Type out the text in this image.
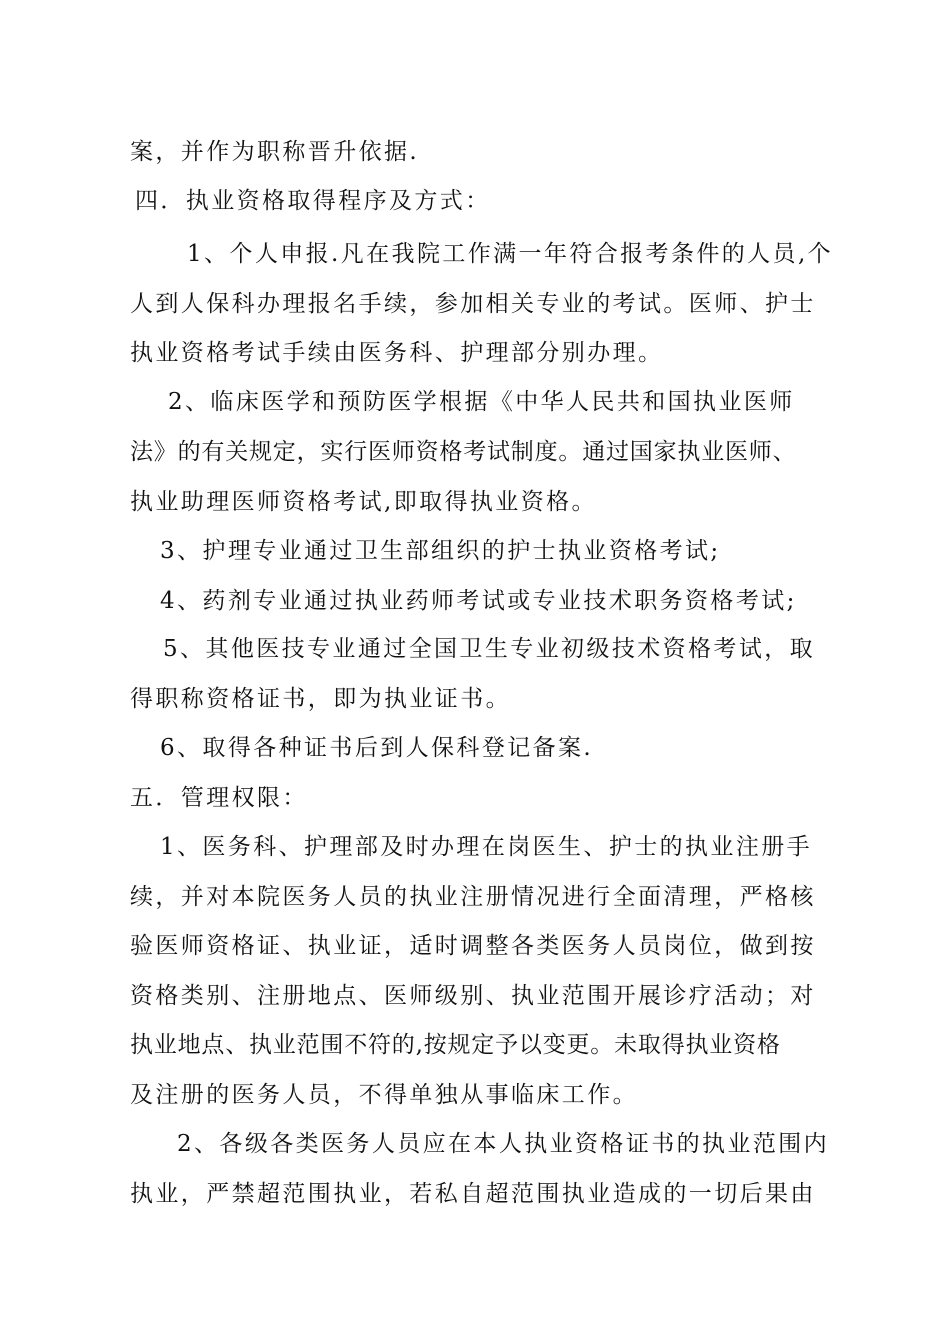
案，并作为职称晋升依据.

四．执业资格取得程序及方式：

1、个人申报.凡在我院工作满一年符合报考条件的人员,个

人到人保科办理报名手续，参加相关专业的考试。医师、护士

执业资格考试手续由医务科、护理部分别办理。

2、临床医学和预防医学根据《中华人民共和国执业医师

法》的有关规定，实行医师资格考试制度。通过国家执业医师、

执业助理医师资格考试,即取得执业资格。

3、护理专业通过卫生部组织的护士执业资格考试;

4、药剂专业通过执业药师考试或专业技术职务资格考试;

5、其他医技专业通过全国卫生专业初级技术资格考试，取

得职称资格证书，即为执业证书。

6、取得各种证书后到人保科登记备案.

五．管理权限：

1、医务科、护理部及时办理在岗医生、护士的执业注册手

续，并对本院医务人员的执业注册情况进行全面清理，严格核

验医师资格证、执业证，适时调整各类医务人员岗位，做到按

资格类别、注册地点、医师级别、执业范围开展诊疗活动；对

执业地点、执业范围不符的,按规定予以变更。未取得执业资格

及注册的医务人员，不得单独从事临床工作。

2、各级各类医务人员应在本人执业资格证书的执业范围内

执业，严禁超范围执业，若私自超范围执业造成的一切后果由
